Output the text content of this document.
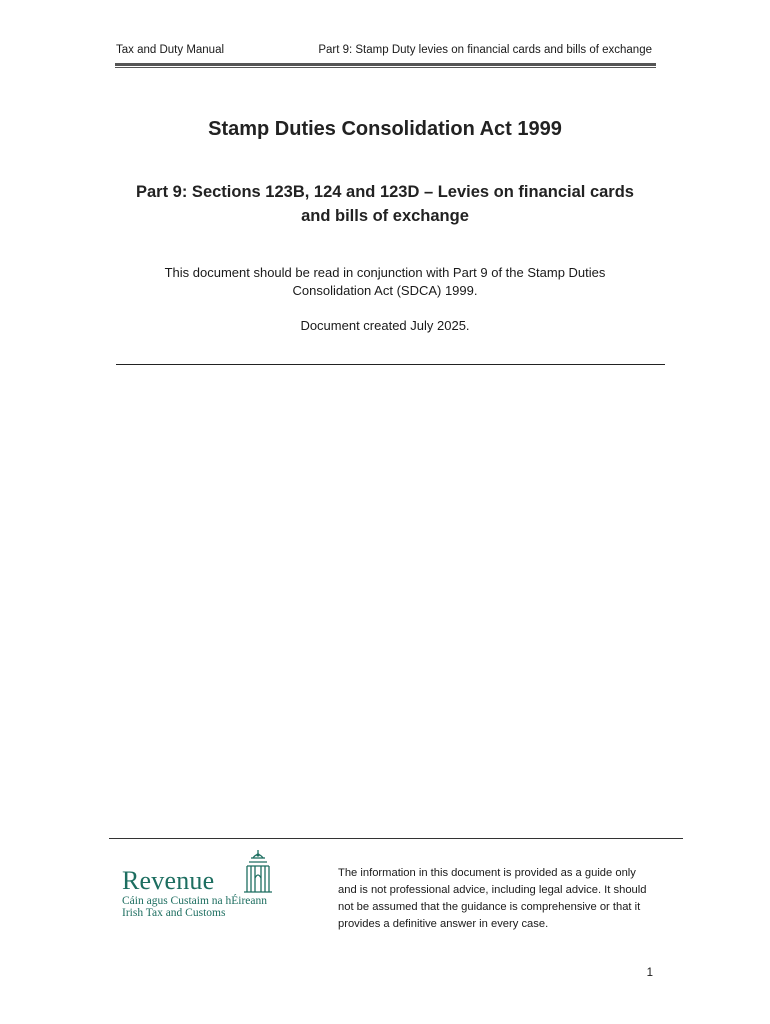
Tax and Duty Manual	Part 9: Stamp Duty levies on financial cards and bills of exchange
Stamp Duties Consolidation Act 1999
Part 9: Sections 123B, 124 and 123D – Levies on financial cards
and bills of exchange
This document should be read in conjunction with Part 9 of the Stamp Duties
Consolidation Act (SDCA) 1999.
Document created July 2025.
Revenue
Cáin agus Custaim na hÉireann
Irish Tax and Customs
The information in this document is provided as a guide only
and is not professional advice, including legal advice. It should
not be assumed that the guidance is comprehensive or that it
provides a definitive answer in every case.
1
